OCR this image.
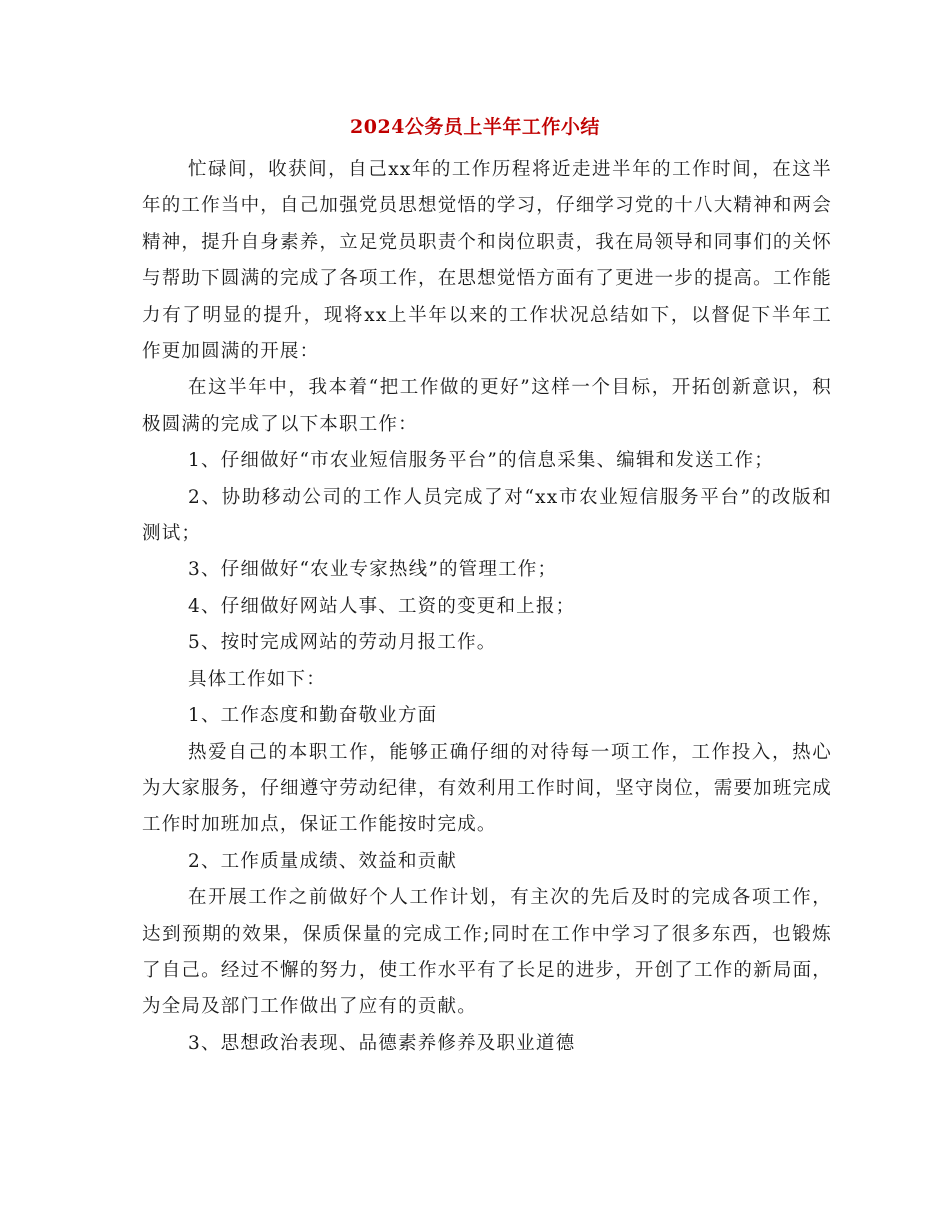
2024公务员上半年工作小结

忙碌间，收获间，自己xx年的工作历程将近走进半年的工作时间，在这半年的工作当中，自己加强党员思想觉悟的学习，仔细学习党的十八大精神和两会精神，提升自身素养，立足党员职责个和岗位职责，我在局领导和同事们的关怀与帮助下圆满的完成了各项工作，在思想觉悟方面有了更进一步的提高。工作能力有了明显的提升，现将xx上半年以来的工作状况总结如下，以督促下半年工作更加圆满的开展：

在这半年中，我本着“把工作做的更好”这样一个目标，开拓创新意识，积极圆满的完成了以下本职工作：

1、仔细做好“市农业短信服务平台”的信息采集、编辑和发送工作；

2、协助移动公司的工作人员完成了对“xx市农业短信服务平台”的改版和测试；

3、仔细做好“农业专家热线”的管理工作；

4、仔细做好网站人事、工资的变更和上报；

5、按时完成网站的劳动月报工作。

具体工作如下：

1、工作态度和勤奋敬业方面

热爱自己的本职工作，能够正确仔细的对待每一项工作，工作投入，热心为大家服务，仔细遵守劳动纪律，有效利用工作时间，坚守岗位，需要加班完成工作时加班加点，保证工作能按时完成。

2、工作质量成绩、效益和贡献

在开展工作之前做好个人工作计划，有主次的先后及时的完成各项工作，达到预期的效果，保质保量的完成工作;同时在工作中学习了很多东西，也锻炼了自己。经过不懈的努力，使工作水平有了长足的进步，开创了工作的新局面，为全局及部门工作做出了应有的贡献。

3、思想政治表现、品德素养修养及职业道德
